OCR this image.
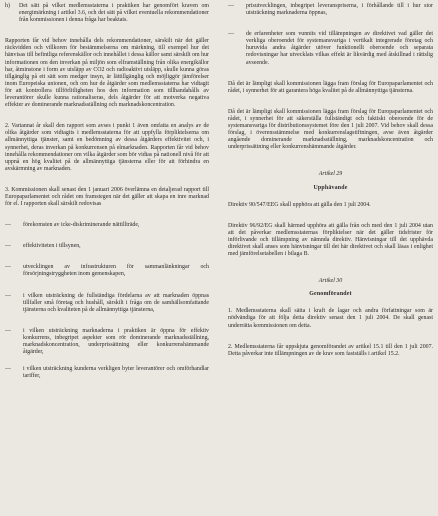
h)	Det sätt på vilket medlemsstaterna i praktiken har genomfört kraven om energimärkning i artikel 3.6, och det sätt på vilket eventuella rekommendationer från kommissionen i denna fråga har beaktats.

Rapporten får vid behov innehålla dels rekommendationer, särskilt när det gäller räckvidden och villkoren för bestämmelserna om märkning, till exempel hur det hänvisas till befintliga referenskällor och innehållet i dessa källor samt särskilt om hur informationen om den inverkan på miljön som elframställning från olika energikällor har, åtminstone i form av utsläpp av CO2 och radioaktivt utsläpp, skulle kunna göras tillgänglig på ett sätt som medger insyn, är lättillgänglig och möjliggör jämförelser inom Europeiska unionen, och om hur de åtgärder som medlemsstaterna har vidtagit för att kontrollera tillförlitligheten hos den information som tillhandahålls av leverantörer skulle kunna rationaliseras, dels åtgärder för att motverka negativa effekter av dominerande marknadsställning och marknadskoncentration.

2. Vartannat år skall den rapport som avses i punkt 1 även omfatta en analys av de olika åtgärder som vidtagits i medlemsstaterna för att uppfylla förpliktelserna om allmännyttiga tjänster, samt en bedömning av dessa åtgärders effektivitet och, i synnerhet, deras inverkan på konkurrensen på elmarknaden. Rapporten får vid behov innehålla rekommendationer om vilka åtgärder som bör vidtas på nationell nivå för att uppnå en hög kvalitet på de allmännyttiga tjänsterna eller för att förhindra en avskärmning av marknaden.

3. Kommissionen skall senast den 1 januari 2006 överlämna en detaljerad rapport till Europaparlamentet och rådet om framstegen när det gäller att skapa en inre marknad för el. I rapporten skall särskilt redovisas

—	förekomsten av icke-diskriminerande nättillträde,
—	effektiviteten i tillsynen,
—	utvecklingen av infrastrukturen för sammanlänkningar och försörjningstryggheten inom gemenskapen,
—	i vilken utsträckning de fullständiga fördelarna av att marknaden öppnas tillfaller små företag och hushåll, särskilt i fråga om de samhällsomfattande tjänsterna och kvaliteten på de allmännyttiga tjänsterna,
—	i vilken utsträckning marknaderna i praktiken är öppna för effektiv konkurrens, inbegripet aspekter som rör dominerande marknadsställning, marknadskoncentration, underprissättning eller konkurrenshämmande åtgärder,
—	i vilken utsträckning kunderna verkligen byter leverantörer och omförhandlar tariffer,
—	prisutvecklingen, inbegripet leveranspriserna, i förhållande till i hur stor utsträckning marknaderna öppnas,
—	de erfarenheter som vunnits vid tillämpningen av direktivet vad gäller det verkliga oberoendet för systemansvariga i vertikalt integrerade företag och huruvida andra åtgärder utöver funktionellt oberoende och separata redovisningar har utvecklats vilkas effekt är likvärdig med åtskillnad i rättslig avseende.

Då det är lämpligt skall kommissionen lägga fram förslag för Europaparlamentet och rådet, i synnerhet för att garantera höga kvalitet på de allmännyttiga tjänsterna.

Då det är lämpligt skall kommissionen lägga fram förslag för Europaparlamentet och rådet, i synnerhet för att säkerställa fullständigt och faktiskt oberoende för de systemansvariga för distributionssystemet före den 1 juli 2007. Vid behov skall dessa förslag, i överensstämmelse med konkurrenslagstiftningen, avse även åtgärder angående dominerande marknadsställning, marknadskoncentration och underprissättning eller konkurrenshämmande åtgärder.

Artikel 29

Upphävande

Direktiv 90/547/EEG skall upphöra att gälla den 1 juli 2004.

Direktiv 96/92/EG skall härmed upphöra att gälla från och med den 1 juli 2004 utan att det påverkar medlemsstaternas förpliktelser när det gäller tidsfrister för införlivande och tillämpning av nämnda direktiv. Hänvisningar till det upphävda direktivet skall anses som hänvisningar till det här direktivet och skall läsas i enlighet med jämförelsetabellen i bilaga B.

Artikel 30

Genomförandet

1. Medlemsstaterna skall sätta i kraft de lagar och andra författningar som är nödvändiga för att följa detta direktiv senast den 1 juli 2004. De skall genast underrätta kommissionen om detta.

2. Medlemsstaterna får uppskjuta genomförandet av artikel 15.1 till den 1 juli 2007. Detta påverkar inte tillämpningen av de krav som fastställs i artikel 15.2.
